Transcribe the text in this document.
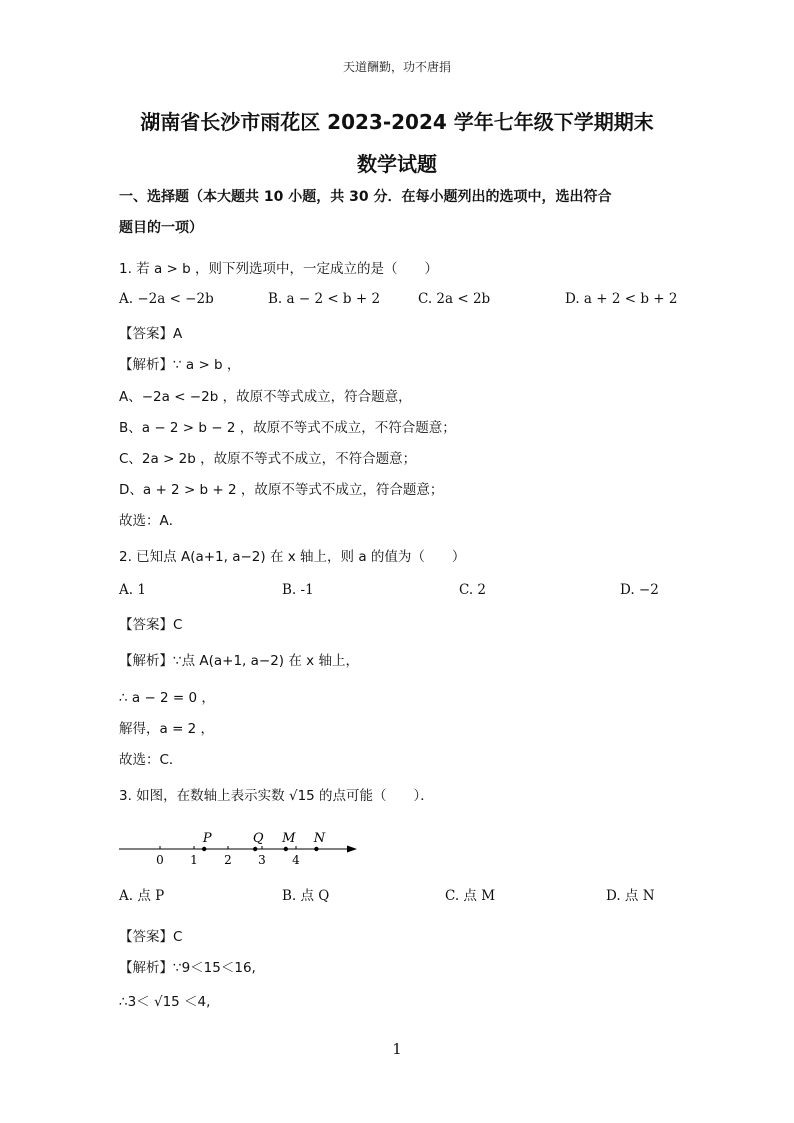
天道酬勤，功不唐捐
湖南省长沙市雨花区 2023-2024 学年七年级下学期期末
数学试题
一、选择题（本大题共 10 小题，共 30 分．在每小题列出的选项中，选出符合
题目的一项）
1. 若 a > b ，则下列选项中，一定成立的是（　　）
A. −2a < −2b	B. a − 2 < b + 2	C. 2a < 2b	D. a + 2 < b + 2
【答案】A
【解析】∵ a > b ，
A、−2a < −2b ，故原不等式成立，符合题意，
B、a − 2 > b − 2 ，故原不等式不成立，不符合题意；
C、2a > 2b ，故原不等式不成立，不符合题意；
D、a + 2 > b + 2 ，故原不等式不成立，符合题意；
故选：A．
2. 已知点 A(a+1, a−2) 在 x 轴上，则 a 的值为（　　）
A. 1	B. -1	C. 2	D. −2
【答案】C
【解析】∵点 A(a+1, a−2) 在 x 轴上，
∴ a − 2 = 0 ，
解得，a = 2 ，
故选：C．
3. 如图，在数轴上表示实数 √15 的点可能（　　）．
0 1 2 3 4
P	Q M N
A. 点 P	B. 点 Q	C. 点 M	D. 点 N
【答案】C
【解析】∵9＜15＜16,
∴3＜ √15 ＜4,
1
